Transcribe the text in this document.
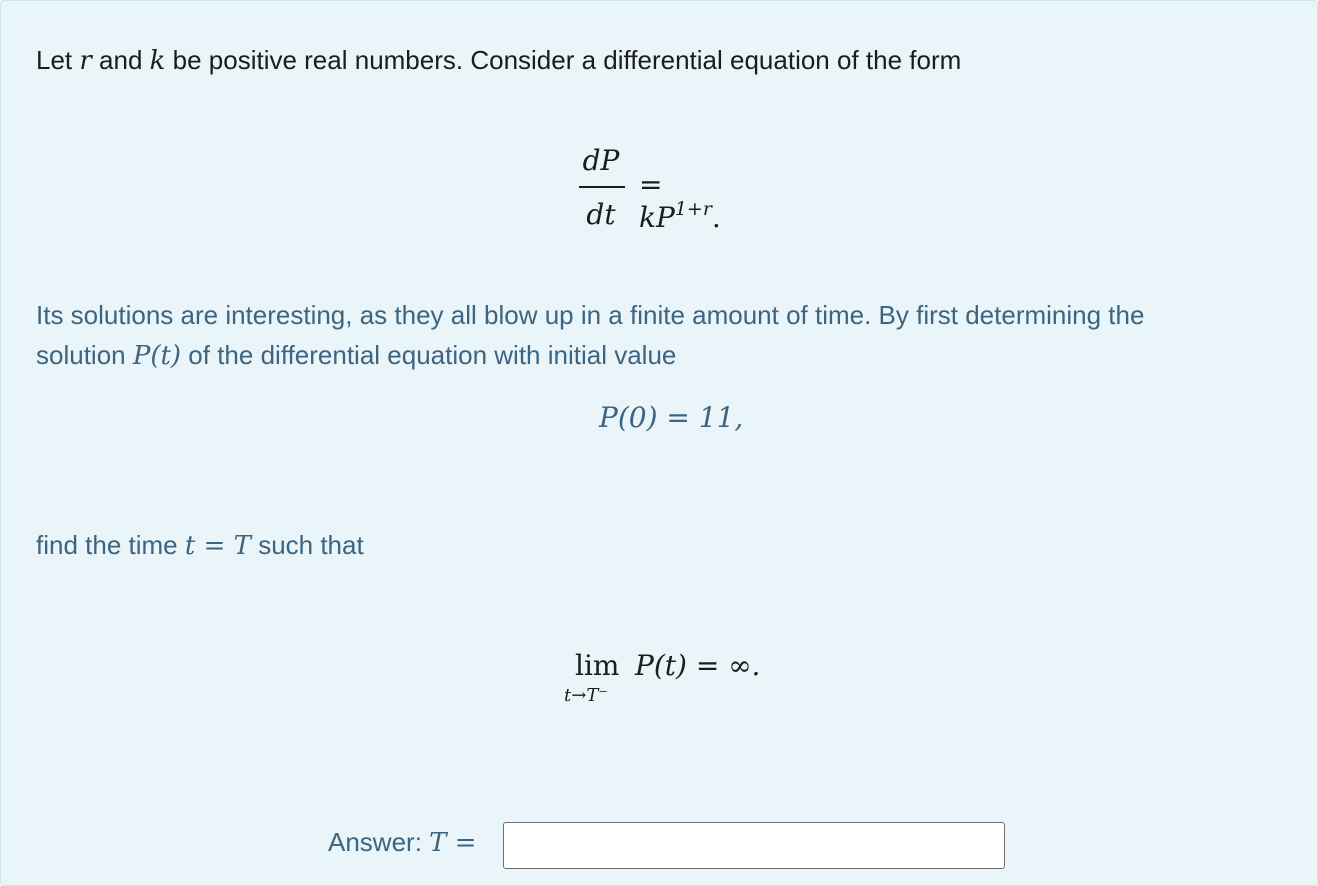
Let r and k be positive real numbers. Consider a differential equation of the form
dP
dt
= $kP^{1+r}$.
Its solutions are interesting, as they all blow up in a finite amount of time. By first determining the
solution P(t) of the differential equation with initial value
P(0) = 11,
find the time t = T such that
lim
t→T⁻
P(t) = ∞.
Answer: T =
